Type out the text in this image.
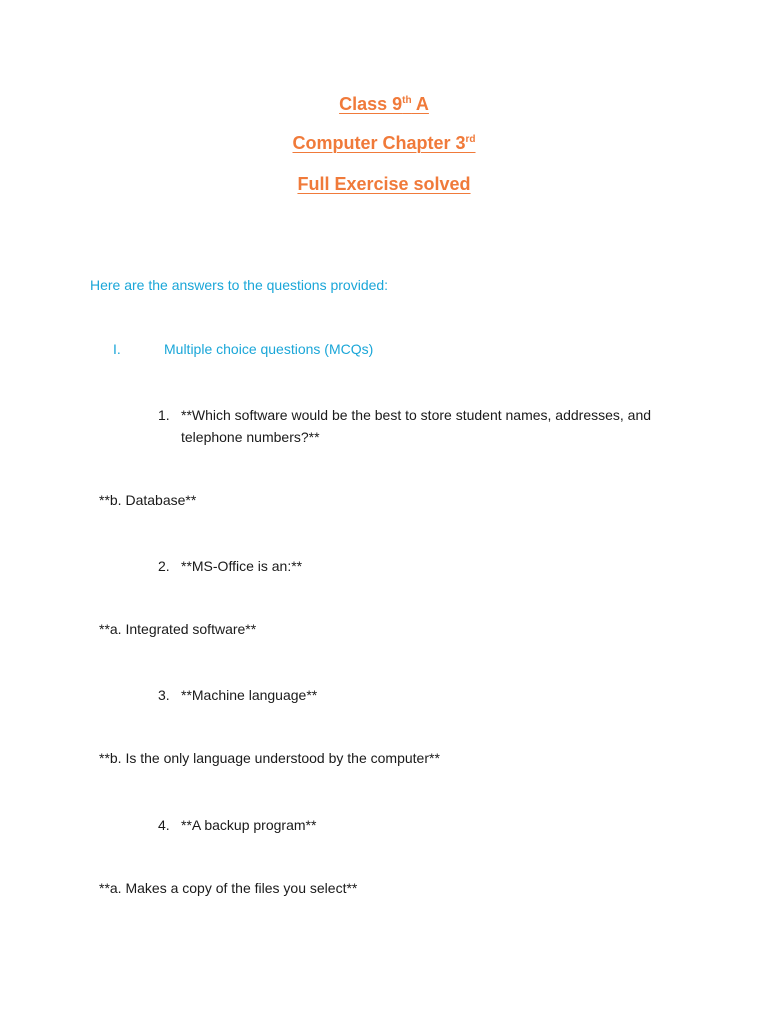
Class 9th A
Computer Chapter 3rd
Full Exercise solved
Here are the answers to the questions provided:
I.	Multiple choice questions (MCQs)
1. **Which software would be the best to store student names, addresses, and telephone numbers?**
**b. Database**
2. **MS-Office is an:**
**a. Integrated software**
3. **Machine language**
**b. Is the only language understood by the computer**
4. **A backup program**
**a. Makes a copy of the files you select**
